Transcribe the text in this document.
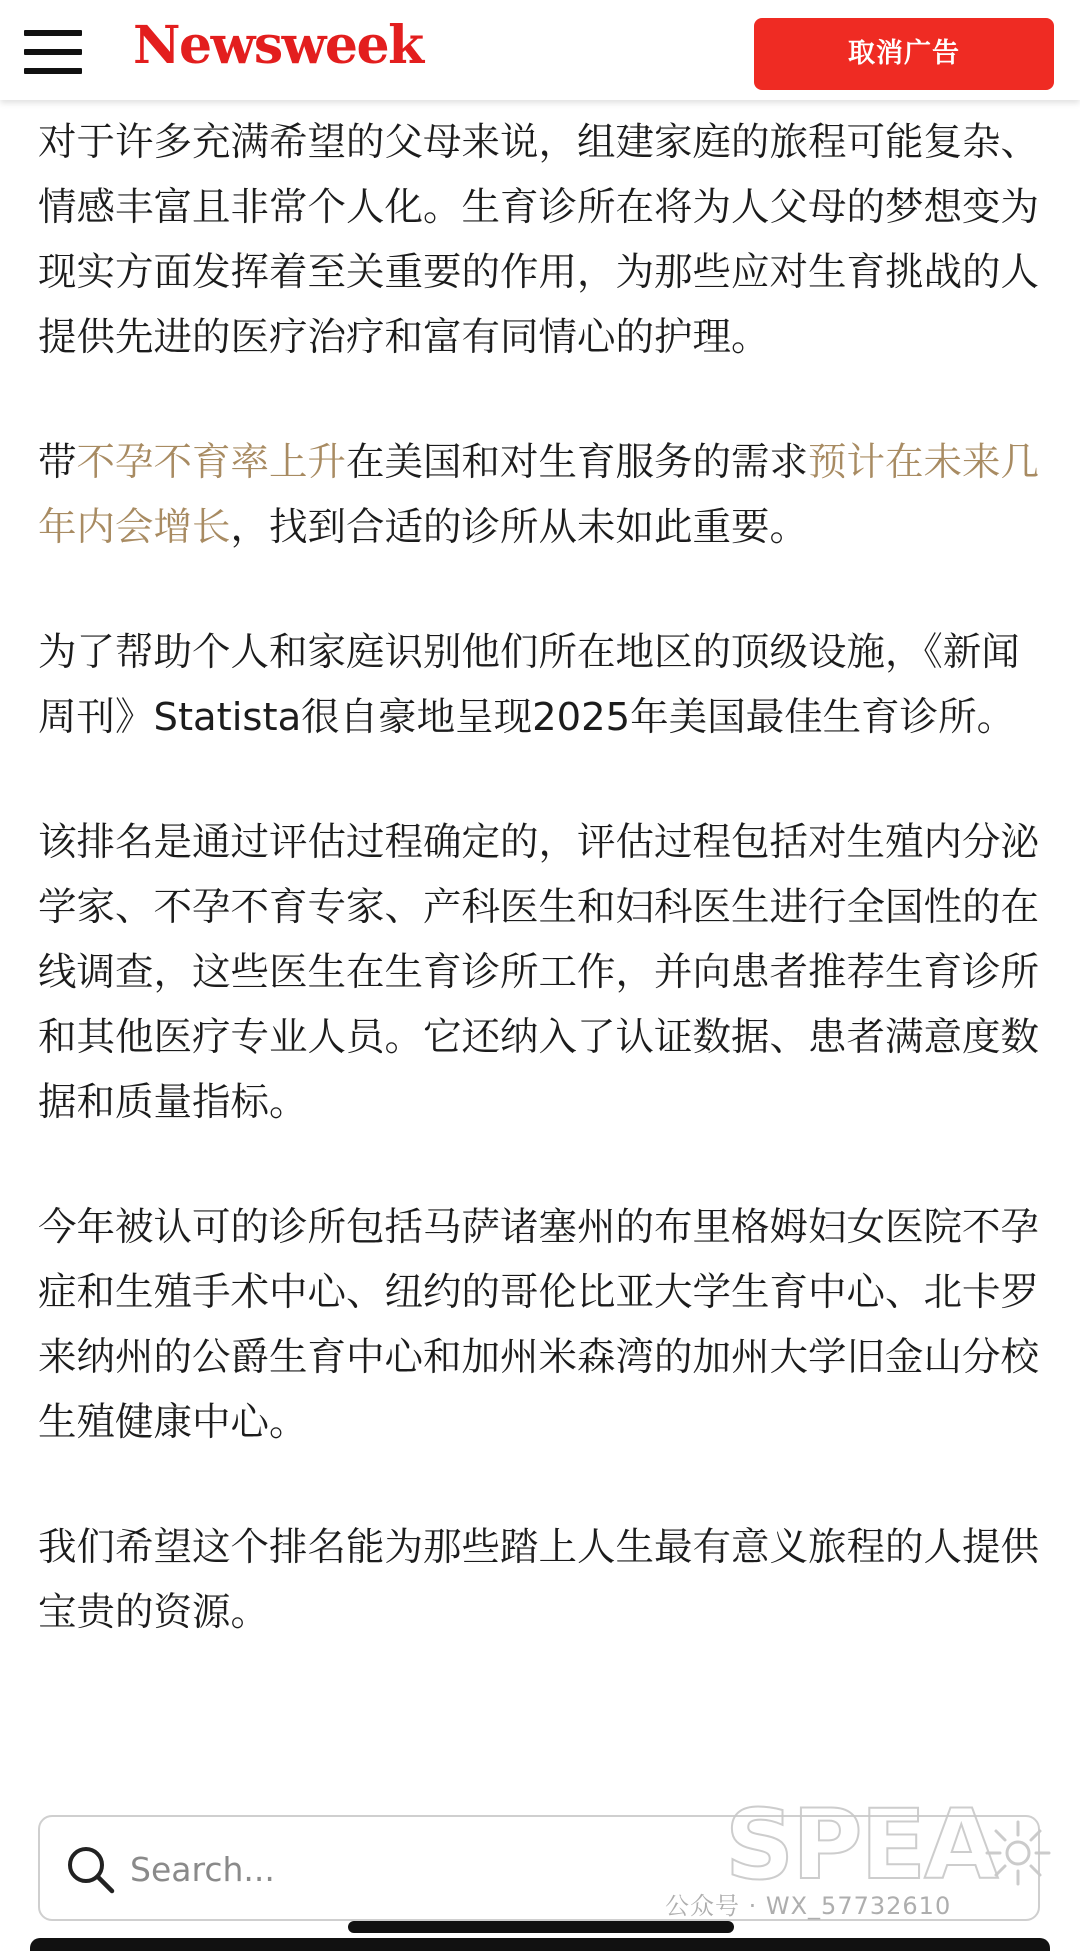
Newsweek	取消广告

对于许多充满希望的父母来说，组建家庭的旅程可能复杂、情感丰富且非常个人化。生育诊所在将为人父母的梦想变为现实方面发挥着至关重要的作用，为那些应对生育挑战的人提供先进的医疗治疗和富有同情心的护理。

带不孕不育率上升在美国和对生育服务的需求预计在未来几年内会增长，找到合适的诊所从未如此重要。

为了帮助个人和家庭识别他们所在地区的顶级设施，《新闻周刊》Statista很自豪地呈现2025年美国最佳生育诊所。

该排名是通过评估过程确定的，评估过程包括对生殖内分泌学家、不孕不育专家、产科医生和妇科医生进行全国性的在线调查，这些医生在生育诊所工作，并向患者推荐生育诊所和其他医疗专业人员。它还纳入了认证数据、患者满意度数据和质量指标。

今年被认可的诊所包括马萨诸塞州的布里格姆妇女医院不孕症和生殖手术中心、纽约的哥伦比亚大学生育中心、北卡罗来纳州的公爵生育中心和加州米森湾的加州大学旧金山分校生殖健康中心。

我们希望这个排名能为那些踏上人生最有意义旅程的人提供宝贵的资源。

Search...
公众号 · WX_57732610
